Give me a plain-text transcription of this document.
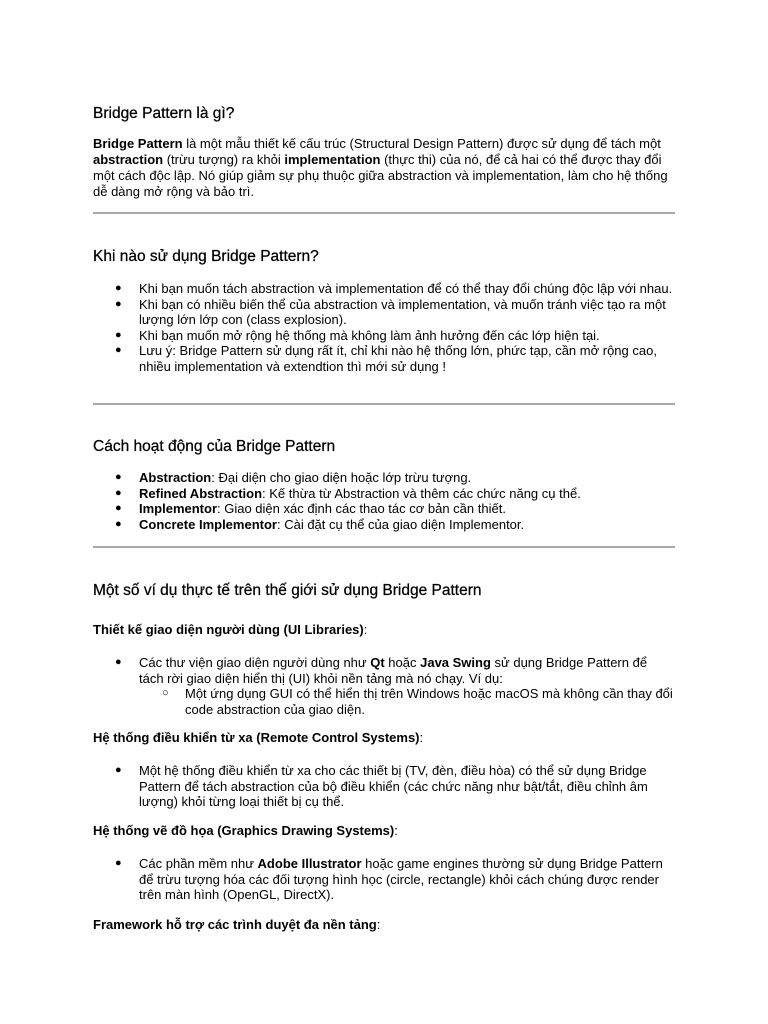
Bridge Pattern là gì?

Bridge Pattern là một mẫu thiết kế cấu trúc (Structural Design Pattern) được sử dụng để tách một abstraction (trừu tượng) ra khỏi implementation (thực thi) của nó, để cả hai có thể được thay đổi một cách độc lập. Nó giúp giảm sự phụ thuộc giữa abstraction và implementation, làm cho hệ thống dễ dàng mở rộng và bảo trì.

Khi nào sử dụng Bridge Pattern?
● Khi bạn muốn tách abstraction và implementation để có thể thay đổi chúng độc lập với nhau.
● Khi bạn có nhiều biến thể của abstraction và implementation, và muốn tránh việc tạo ra một lượng lớn lớp con (class explosion).
● Khi bạn muốn mở rộng hệ thống mà không làm ảnh hưởng đến các lớp hiện tại.
● Lưu ý: Bridge Pattern sử dụng rất ít, chỉ khi nào hệ thống lớn, phức tạp, cần mở rộng cao, nhiều implementation và extendtion thì mới sử dụng !
Cách hoạt động của Bridge Pattern
● Abstraction: Đại diện cho giao diện hoặc lớp trừu tượng.
● Refined Abstraction: Kế thừa từ Abstraction và thêm các chức năng cụ thể.
● Implementor: Giao diện xác định các thao tác cơ bản cần thiết.
● Concrete Implementor: Cài đặt cụ thể của giao diện Implementor.
Một số ví dụ thực tế trên thế giới sử dụng Bridge Pattern
Thiết kế giao diện người dùng (UI Libraries):
● Các thư viện giao diện người dùng như Qt hoặc Java Swing sử dụng Bridge Pattern để tách rời giao diện hiển thị (UI) khỏi nền tảng mà nó chạy. Ví dụ:
○ Một ứng dụng GUI có thể hiển thị trên Windows hoặc macOS mà không cần thay đổi code abstraction của giao diện.
Hệ thống điều khiển từ xa (Remote Control Systems):
● Một hệ thống điều khiển từ xa cho các thiết bị (TV, đèn, điều hòa) có thể sử dụng Bridge Pattern để tách abstraction của bộ điều khiển (các chức năng như bật/tắt, điều chỉnh âm lượng) khỏi từng loại thiết bị cụ thể.
Hệ thống vẽ đồ họa (Graphics Drawing Systems):
● Các phần mềm như Adobe Illustrator hoặc game engines thường sử dụng Bridge Pattern để trừu tượng hóa các đối tượng hình học (circle, rectangle) khỏi cách chúng được render trên màn hình (OpenGL, DirectX).
Framework hỗ trợ các trình duyệt đa nền tảng:
